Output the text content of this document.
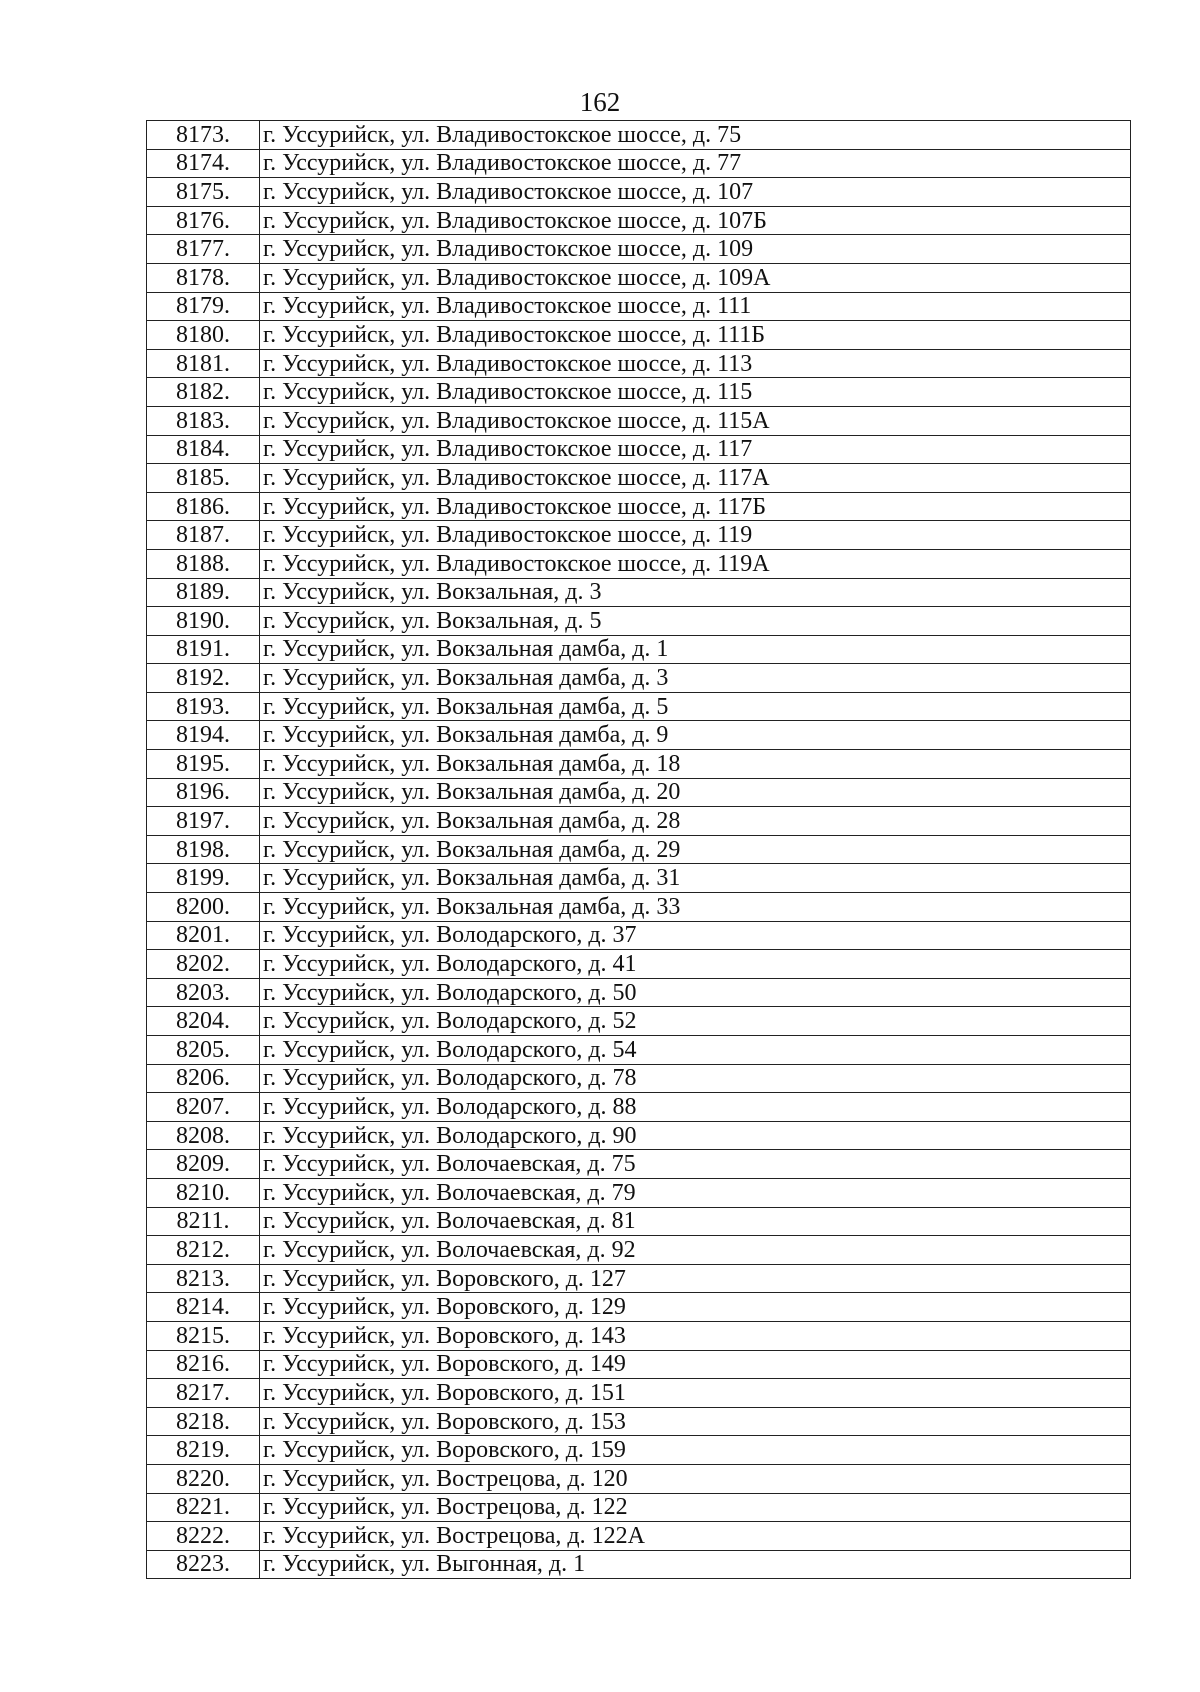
162
8173.	г. Уссурийск, ул. Владивостокское шоссе, д. 75
8174.	г. Уссурийск, ул. Владивостокское шоссе, д. 77
8175.	г. Уссурийск, ул. Владивостокское шоссе, д. 107
8176.	г. Уссурийск, ул. Владивостокское шоссе, д. 107Б
8177.	г. Уссурийск, ул. Владивостокское шоссе, д. 109
8178.	г. Уссурийск, ул. Владивостокское шоссе, д. 109А
8179.	г. Уссурийск, ул. Владивостокское шоссе, д. 111
8180.	г. Уссурийск, ул. Владивостокское шоссе, д. 111Б
8181.	г. Уссурийск, ул. Владивостокское шоссе, д. 113
8182.	г. Уссурийск, ул. Владивостокское шоссе, д. 115
8183.	г. Уссурийск, ул. Владивостокское шоссе, д. 115А
8184.	г. Уссурийск, ул. Владивостокское шоссе, д. 117
8185.	г. Уссурийск, ул. Владивостокское шоссе, д. 117А
8186.	г. Уссурийск, ул. Владивостокское шоссе, д. 117Б
8187.	г. Уссурийск, ул. Владивостокское шоссе, д. 119
8188.	г. Уссурийск, ул. Владивостокское шоссе, д. 119А
8189.	г. Уссурийск, ул. Вокзальная, д. 3
8190.	г. Уссурийск, ул. Вокзальная, д. 5
8191.	г. Уссурийск, ул. Вокзальная дамба, д. 1
8192.	г. Уссурийск, ул. Вокзальная дамба, д. 3
8193.	г. Уссурийск, ул. Вокзальная дамба, д. 5
8194.	г. Уссурийск, ул. Вокзальная дамба, д. 9
8195.	г. Уссурийск, ул. Вокзальная дамба, д. 18
8196.	г. Уссурийск, ул. Вокзальная дамба, д. 20
8197.	г. Уссурийск, ул. Вокзальная дамба, д. 28
8198.	г. Уссурийск, ул. Вокзальная дамба, д. 29
8199.	г. Уссурийск, ул. Вокзальная дамба, д. 31
8200.	г. Уссурийск, ул. Вокзальная дамба, д. 33
8201.	г. Уссурийск, ул. Володарского, д. 37
8202.	г. Уссурийск, ул. Володарского, д. 41
8203.	г. Уссурийск, ул. Володарского, д. 50
8204.	г. Уссурийск, ул. Володарского, д. 52
8205.	г. Уссурийск, ул. Володарского, д. 54
8206.	г. Уссурийск, ул. Володарского, д. 78
8207.	г. Уссурийск, ул. Володарского, д. 88
8208.	г. Уссурийск, ул. Володарского, д. 90
8209.	г. Уссурийск, ул. Волочаевская, д. 75
8210.	г. Уссурийск, ул. Волочаевская, д. 79
8211.	г. Уссурийск, ул. Волочаевская, д. 81
8212.	г. Уссурийск, ул. Волочаевская, д. 92
8213.	г. Уссурийск, ул. Воровского, д. 127
8214.	г. Уссурийск, ул. Воровского, д. 129
8215.	г. Уссурийск, ул. Воровского, д. 143
8216.	г. Уссурийск, ул. Воровского, д. 149
8217.	г. Уссурийск, ул. Воровского, д. 151
8218.	г. Уссурийск, ул. Воровского, д. 153
8219.	г. Уссурийск, ул. Воровского, д. 159
8220.	г. Уссурийск, ул. Вострецова, д. 120
8221.	г. Уссурийск, ул. Вострецова, д. 122
8222.	г. Уссурийск, ул. Вострецова, д. 122А
8223.	г. Уссурийск, ул. Выгонная, д. 1
